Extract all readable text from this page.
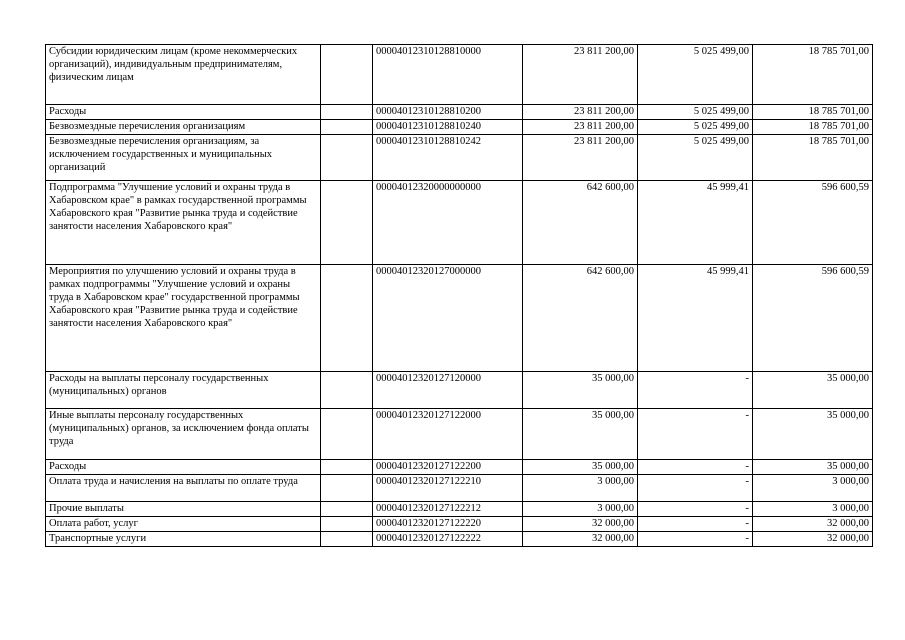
Субсидии юридическим лицам (кроме некоммерческих организаций), индивидуальным предпринимателям, физическим лицам		00004012310128810000	23 811 200,00	5 025 499,00	18 785 701,00
Расходы		00004012310128810200	23 811 200,00	5 025 499,00	18 785 701,00
Безвозмездные перечисления организациям		00004012310128810240	23 811 200,00	5 025 499,00	18 785 701,00
Безвозмездные перечисления организациям, за исключением государственных и муниципальных организаций		00004012310128810242	23 811 200,00	5 025 499,00	18 785 701,00
Подпрограмма "Улучшение условий и охраны труда в Хабаровском крае" в рамках государственной программы Хабаровского края "Развитие рынка труда и содействие занятости населения Хабаровского края"		00004012320000000000	642 600,00	45 999,41	596 600,59
Мероприятия по улучшению условий и охраны труда в рамках подпрограммы "Улучшение условий и охраны труда в Хабаровском крае" государственной программы Хабаровского края "Развитие рынка труда и содействие занятости населения Хабаровского края"		00004012320127000000	642 600,00	45 999,41	596 600,59
Расходы на выплаты персоналу государственных (муниципальных) органов		00004012320127120000	35 000,00	-	35 000,00
Иные выплаты персоналу государственных (муниципальных) органов, за исключением фонда оплаты труда		00004012320127122000	35 000,00	-	35 000,00
Расходы		00004012320127122200	35 000,00	-	35 000,00
Оплата труда и начисления на выплаты по оплате труда		00004012320127122210	3 000,00	-	3 000,00
Прочие выплаты		00004012320127122212	3 000,00	-	3 000,00
Оплата работ, услуг		00004012320127122220	32 000,00	-	32 000,00
Транспортные услуги		00004012320127122222	32 000,00	-	32 000,00
